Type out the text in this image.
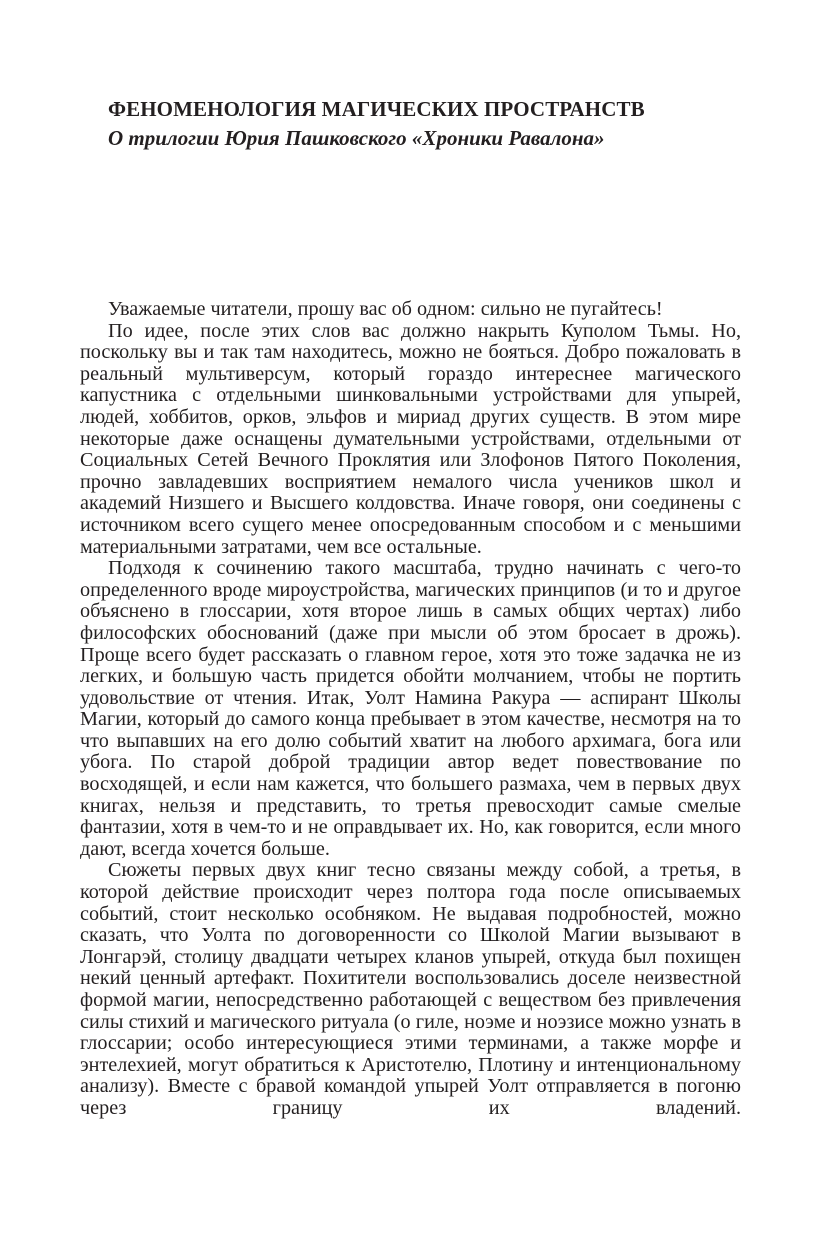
ФЕНОМЕНОЛОГИЯ МАГИЧЕСКИХ ПРОСТРАНСТВ
О трилогии Юрия Пашковского «Хроники Равалона»

Уважаемые читатели, прошу вас об одном: сильно не пугайтесь!

По идее, после этих слов вас должно накрыть Куполом Тьмы. Но, поскольку вы и так там находитесь, можно не бояться. Добро пожаловать в реальный мультиверсум, который гораздо интереснее магического капустника с отдельными шинковальными устройствами для упырей, людей, хоббитов, орков, эльфов и мириад других существ. В этом мире некоторые даже оснащены думательными устройствами, отдельными от Социальных Сетей Вечного Проклятия или Злофонов Пятого Поколения, прочно завладевших восприятием немалого числа учеников школ и академий Низшего и Высшего колдовства. Иначе говоря, они соединены с источником всего сущего менее опосредованным способом и с меньшими материальными затратами, чем все остальные.

Подходя к сочинению такого масштаба, трудно начинать с чего-то определенного вроде мироустройства, магических принципов (и то и другое объяснено в глоссарии, хотя второе лишь в самых общих чертах) либо философских обоснований (даже при мысли об этом бросает в дрожь). Проще всего будет рассказать о главном герое, хотя это тоже задачка не из легких, и большую часть придется обойти молчанием, чтобы не портить удовольствие от чтения. Итак, Уолт Намина Ракура — аспирант Школы Магии, который до самого конца пребывает в этом качестве, несмотря на то что выпавших на его долю событий хватит на любого архимага, бога или убога. По старой доброй традиции автор ведет повествование по восходящей, и если нам кажется, что большего размаха, чем в первых двух книгах, нельзя и представить, то третья превосходит самые смелые фантазии, хотя в чем-то и не оправдывает их. Но, как говорится, если много дают, всегда хочется больше.

Сюжеты первых двух книг тесно связаны между собой, а третья, в которой действие происходит через полтора года после описываемых событий, стоит несколько особняком. Не выдавая подробностей, можно сказать, что Уолта по договоренности со Школой Магии вызывают в Лонгарэй, столицу двадцати четырех кланов упырей, откуда был похищен некий ценный артефакт. Похитители воспользовались доселе неизвестной формой магии, непосредственно работающей с веществом без привлечения силы стихий и магического ритуала (о гиле, ноэме и ноэзисе можно узнать в глоссарии; особо интересующиеся этими терминами, а также морфе и энтелехией, могут обратиться к Аристотелю, Плотину и интенциональному анализу). Вместе с бравой командой упырей Уолт отправляется в погоню через границу их владений.
